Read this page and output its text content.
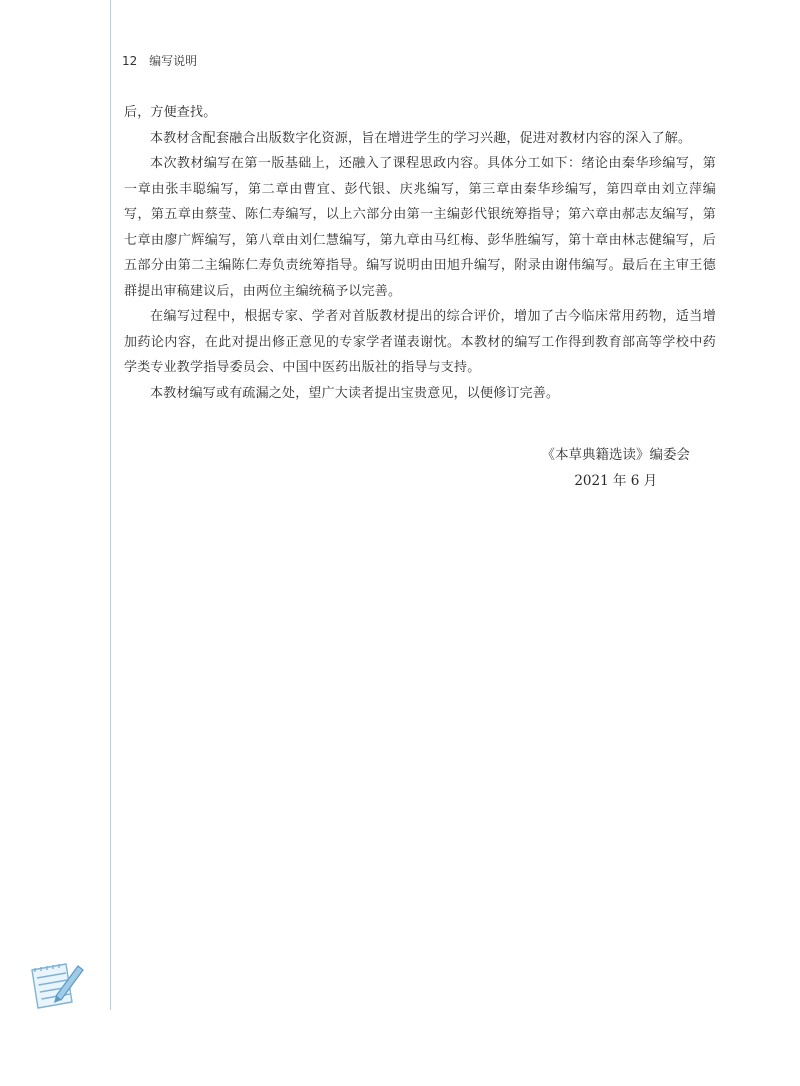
12 编写说明

后，方便查找。

本教材含配套融合出版数字化资源，旨在增进学生的学习兴趣，促进对教材内容的深入了解。

本次教材编写在第一版基础上，还融入了课程思政内容。具体分工如下：绪论由秦华珍编写，第一章由张丰聪编写，第二章由曹宜、彭代银、庆兆编写，第三章由秦华珍编写，第四章由刘立萍编写，第五章由蔡莹、陈仁寿编写，以上六部分由第一主编彭代银统筹指导；第六章由郝志友编写，第七章由廖广辉编写，第八章由刘仁慧编写，第九章由马红梅、彭华胜编写，第十章由林志健编写，后五部分由第二主编陈仁寿负责统筹指导。编写说明由田旭升编写，附录由谢伟编写。最后在主审王德群提出审稿建议后，由两位主编统稿予以完善。

在编写过程中，根据专家、学者对首版教材提出的综合评价，增加了古今临床常用药物，适当增加药论内容，在此对提出修正意见的专家学者谨表谢忱。本教材的编写工作得到教育部高等学校中药学类专业教学指导委员会、中国中医药出版社的指导与支持。

本教材编写或有疏漏之处，望广大读者提出宝贵意见，以便修订完善。

《本草典籍选读》编委会
2021 年 6 月
